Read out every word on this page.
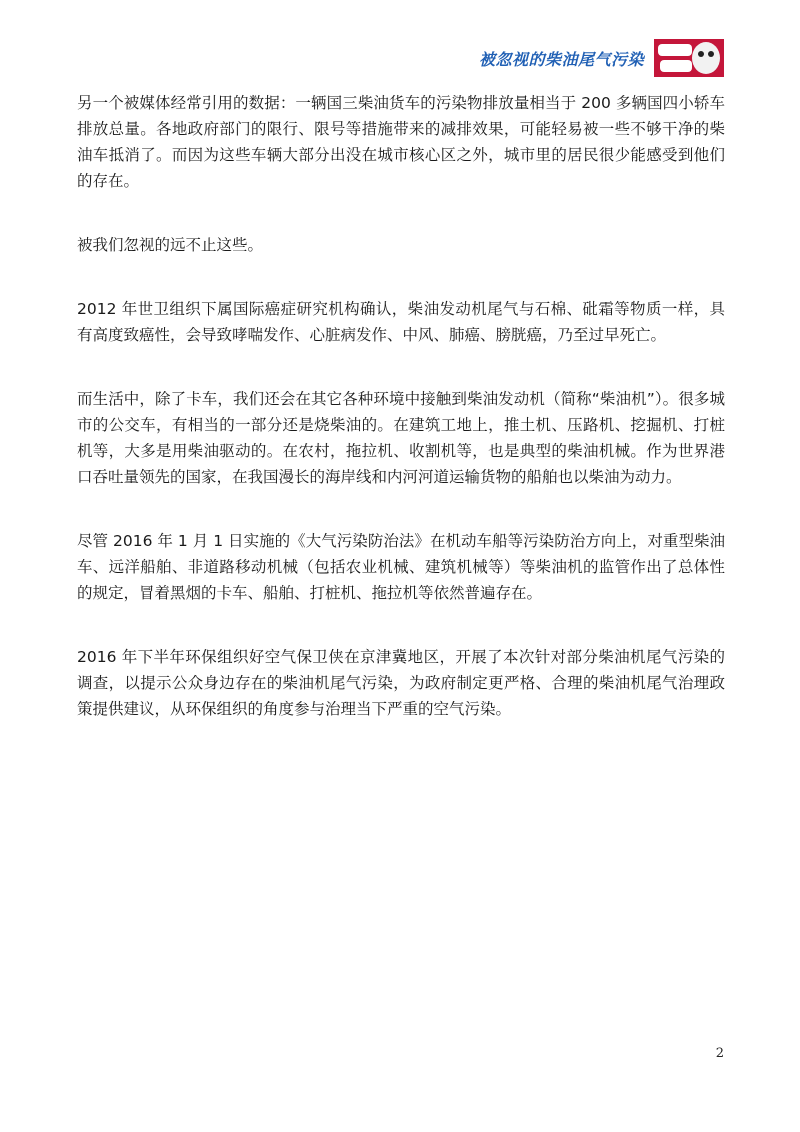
被忽视的柴油尾气污染

另一个被媒体经常引用的数据：一辆国三柴油货车的污染物排放量相当于 200 多辆国四小轿车排放总量。各地政府部门的限行、限号等措施带来的减排效果，可能轻易被一些不够干净的柴油车抵消了。而因为这些车辆大部分出没在城市核心区之外，城市里的居民很少能感受到他们的存在。

被我们忽视的远不止这些。

2012 年世卫组织下属国际癌症研究机构确认，柴油发动机尾气与石棉、砒霜等物质一样，具有高度致癌性，会导致哮喘发作、心脏病发作、中风、肺癌、膀胱癌，乃至过早死亡。

而生活中，除了卡车，我们还会在其它各种环境中接触到柴油发动机（简称“柴油机”）。很多城市的公交车，有相当的一部分还是烧柴油的。在建筑工地上，推土机、压路机、挖掘机、打桩机等，大多是用柴油驱动的。在农村，拖拉机、收割机等，也是典型的柴油机械。作为世界港口吞吐量领先的国家，在我国漫长的海岸线和内河河道运输货物的船舶也以柴油为动力。

尽管 2016 年 1 月 1 日实施的《大气污染防治法》在机动车船等污染防治方向上，对重型柴油车、远洋船舶、非道路移动机械（包括农业机械、建筑机械等）等柴油机的监管作出了总体性的规定，冒着黑烟的卡车、船舶、打桩机、拖拉机等依然普遍存在。

2016 年下半年环保组织好空气保卫侠在京津冀地区，开展了本次针对部分柴油机尾气污染的调查，以提示公众身边存在的柴油机尾气污染，为政府制定更严格、合理的柴油机尾气治理政策提供建议，从环保组织的角度参与治理当下严重的空气污染。

2
